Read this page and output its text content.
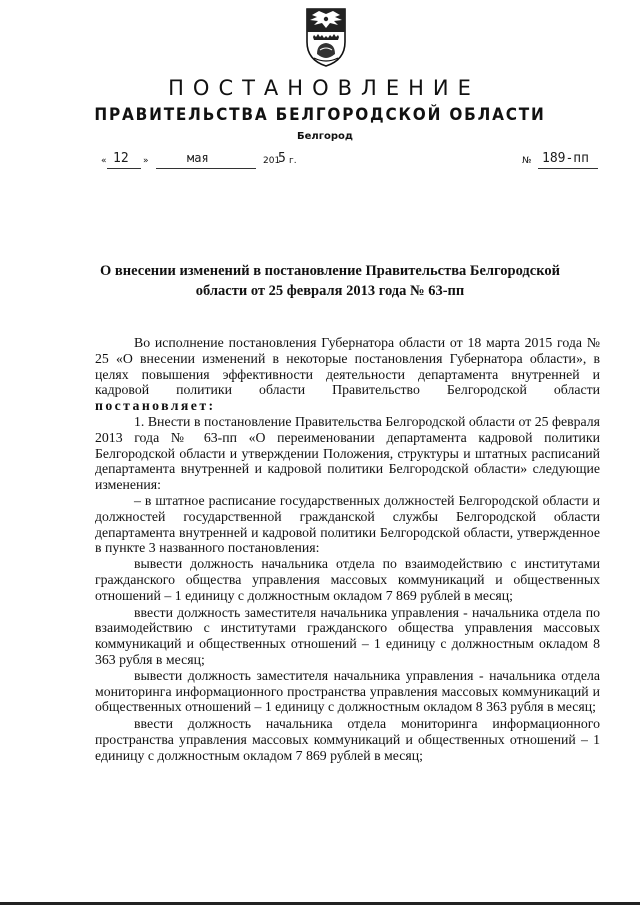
ПОСТАНОВЛЕНИЕ
ПРАВИТЕЛЬСТВА БЕЛГОРОДСКОЙ ОБЛАСТИ
Белгород
« 12 »	мая	201
5 г.	№ 189-пп
О внесении изменений в постановление Правительства Белгородской области от 25 февраля 2013 года № 63-пп

Во исполнение постановления Губернатора области от 18 марта 2015 года № 25 «О внесении изменений в некоторые постановления Губернатора области», в целях повышения эффективности деятельности департамента внутренней и кадровой политики области Правительство Белгородской области постановляет:

1. Внести в постановление Правительства Белгородской области от 25 февраля 2013 года № 63-пп «О переименовании департамента кадровой политики Белгородской области и утверждении Положения, структуры и штатных расписаний департамента внутренней и кадровой политики Белгородской области» следующие изменения:

– в штатное расписание государственных должностей Белгородской области и должностей государственной гражданской службы Белгородской области департамента внутренней и кадровой политики Белгородской области, утвержденное в пункте 3 названного постановления:

вывести должность начальника отдела по взаимодействию с институтами гражданского общества управления массовых коммуникаций и общественных отношений – 1 единицу с должностным окладом 7 869 рублей в месяц;

ввести должность заместителя начальника управления - начальника отдела по взаимодействию с институтами гражданского общества управления массовых коммуникаций и общественных отношений – 1 единицу с должностным окладом 8 363 рубля в месяц;

вывести должность заместителя начальника управления - начальника отдела мониторинга информационного пространства управления массовых коммуникаций и общественных отношений – 1 единицу с должностным окладом 8 363 рубля в месяц;

ввести должность начальника отдела мониторинга информационного пространства управления массовых коммуникаций и общественных отношений – 1 единицу с должностным окладом 7 869 рублей в месяц;
